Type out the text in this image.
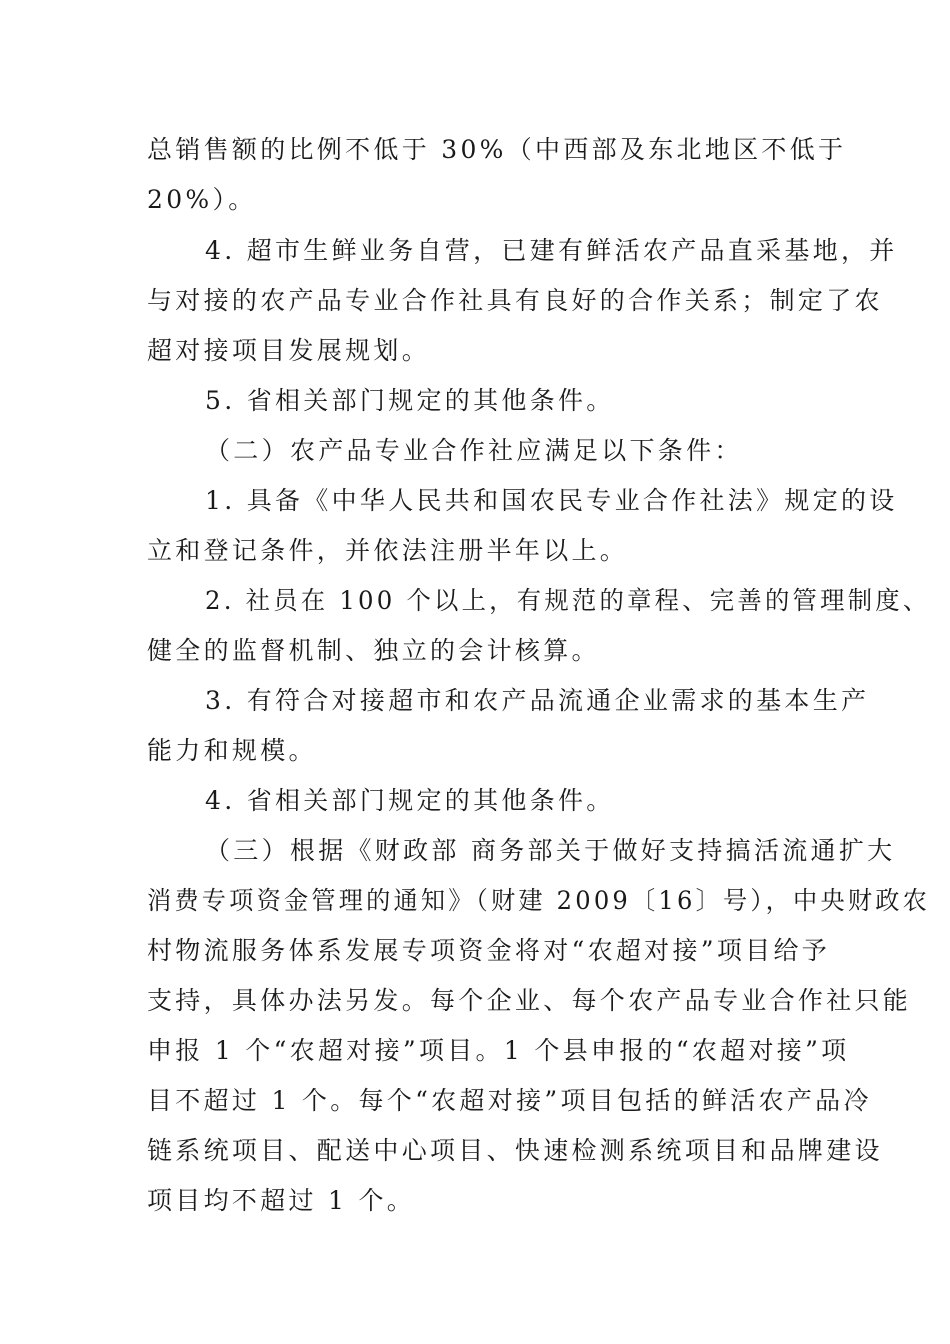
总销售额的比例不低于 30%（中西部及东北地区不低于
20%）。
4. 超市生鲜业务自营，已建有鲜活农产品直采基地，并
与对接的农产品专业合作社具有良好的合作关系；制定了农
超对接项目发展规划。
5. 省相关部门规定的其他条件。
（二）农产品专业合作社应满足以下条件：
1. 具备《中华人民共和国农民专业合作社法》规定的设
立和登记条件，并依法注册半年以上。
2. 社员在 100 个以上，有规范的章程、完善的管理制度、
健全的监督机制、独立的会计核算。
3. 有符合对接超市和农产品流通企业需求的基本生产
能力和规模。
4. 省相关部门规定的其他条件。
（三）根据《财政部 商务部关于做好支持搞活流通扩大
消费专项资金管理的通知》（财建 2009〔16〕号），中央财政农
村物流服务体系发展专项资金将对“农超对接”项目给予
支持，具体办法另发。每个企业、每个农产品专业合作社只能
申报 1 个“农超对接”项目。1 个县申报的“农超对接”项
目不超过 1 个。每个“农超对接”项目包括的鲜活农产品冷
链系统项目、配送中心项目、快速检测系统项目和品牌建设
项目均不超过 1 个。
